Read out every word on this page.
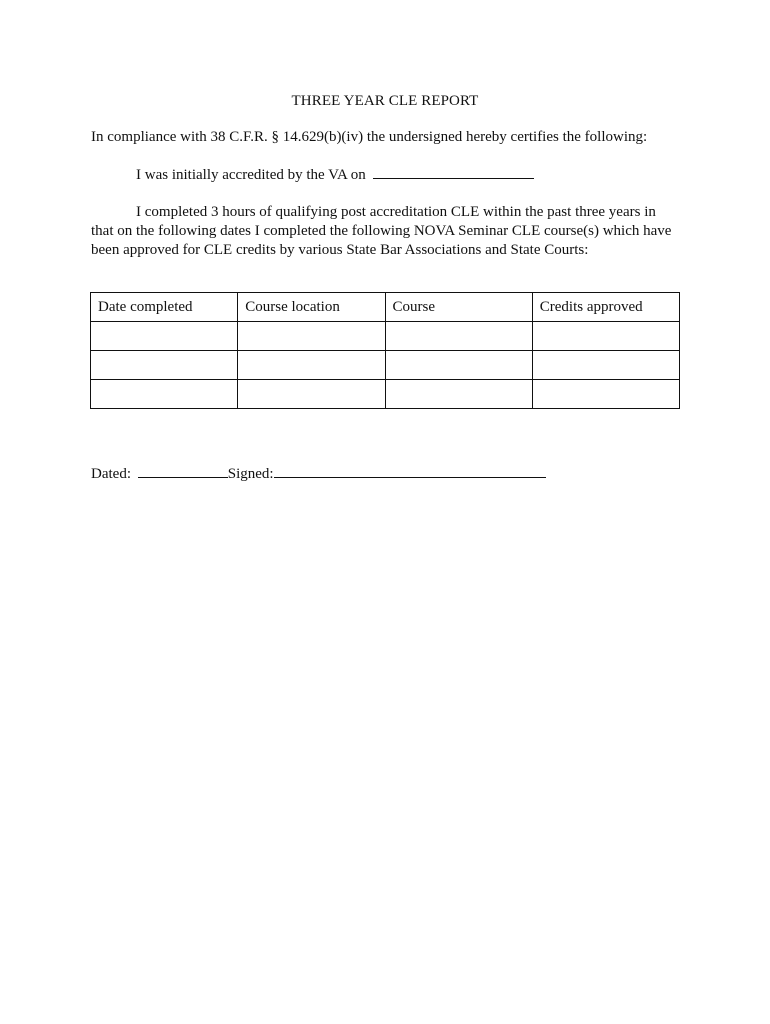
THREE YEAR CLE REPORT
In compliance with 38 C.F.R. § 14.629(b)(iv) the undersigned hereby certifies the following:
I was initially accredited by the VA on
I completed 3 hours of qualifying post accreditation CLE within the past three years in
that on the following dates I completed the following NOVA Seminar CLE course(s) which have been approved for CLE credits by various State Bar Associations and State Courts:
Date completed	Course location	Course	Credits approved

Dated:	Signed:
